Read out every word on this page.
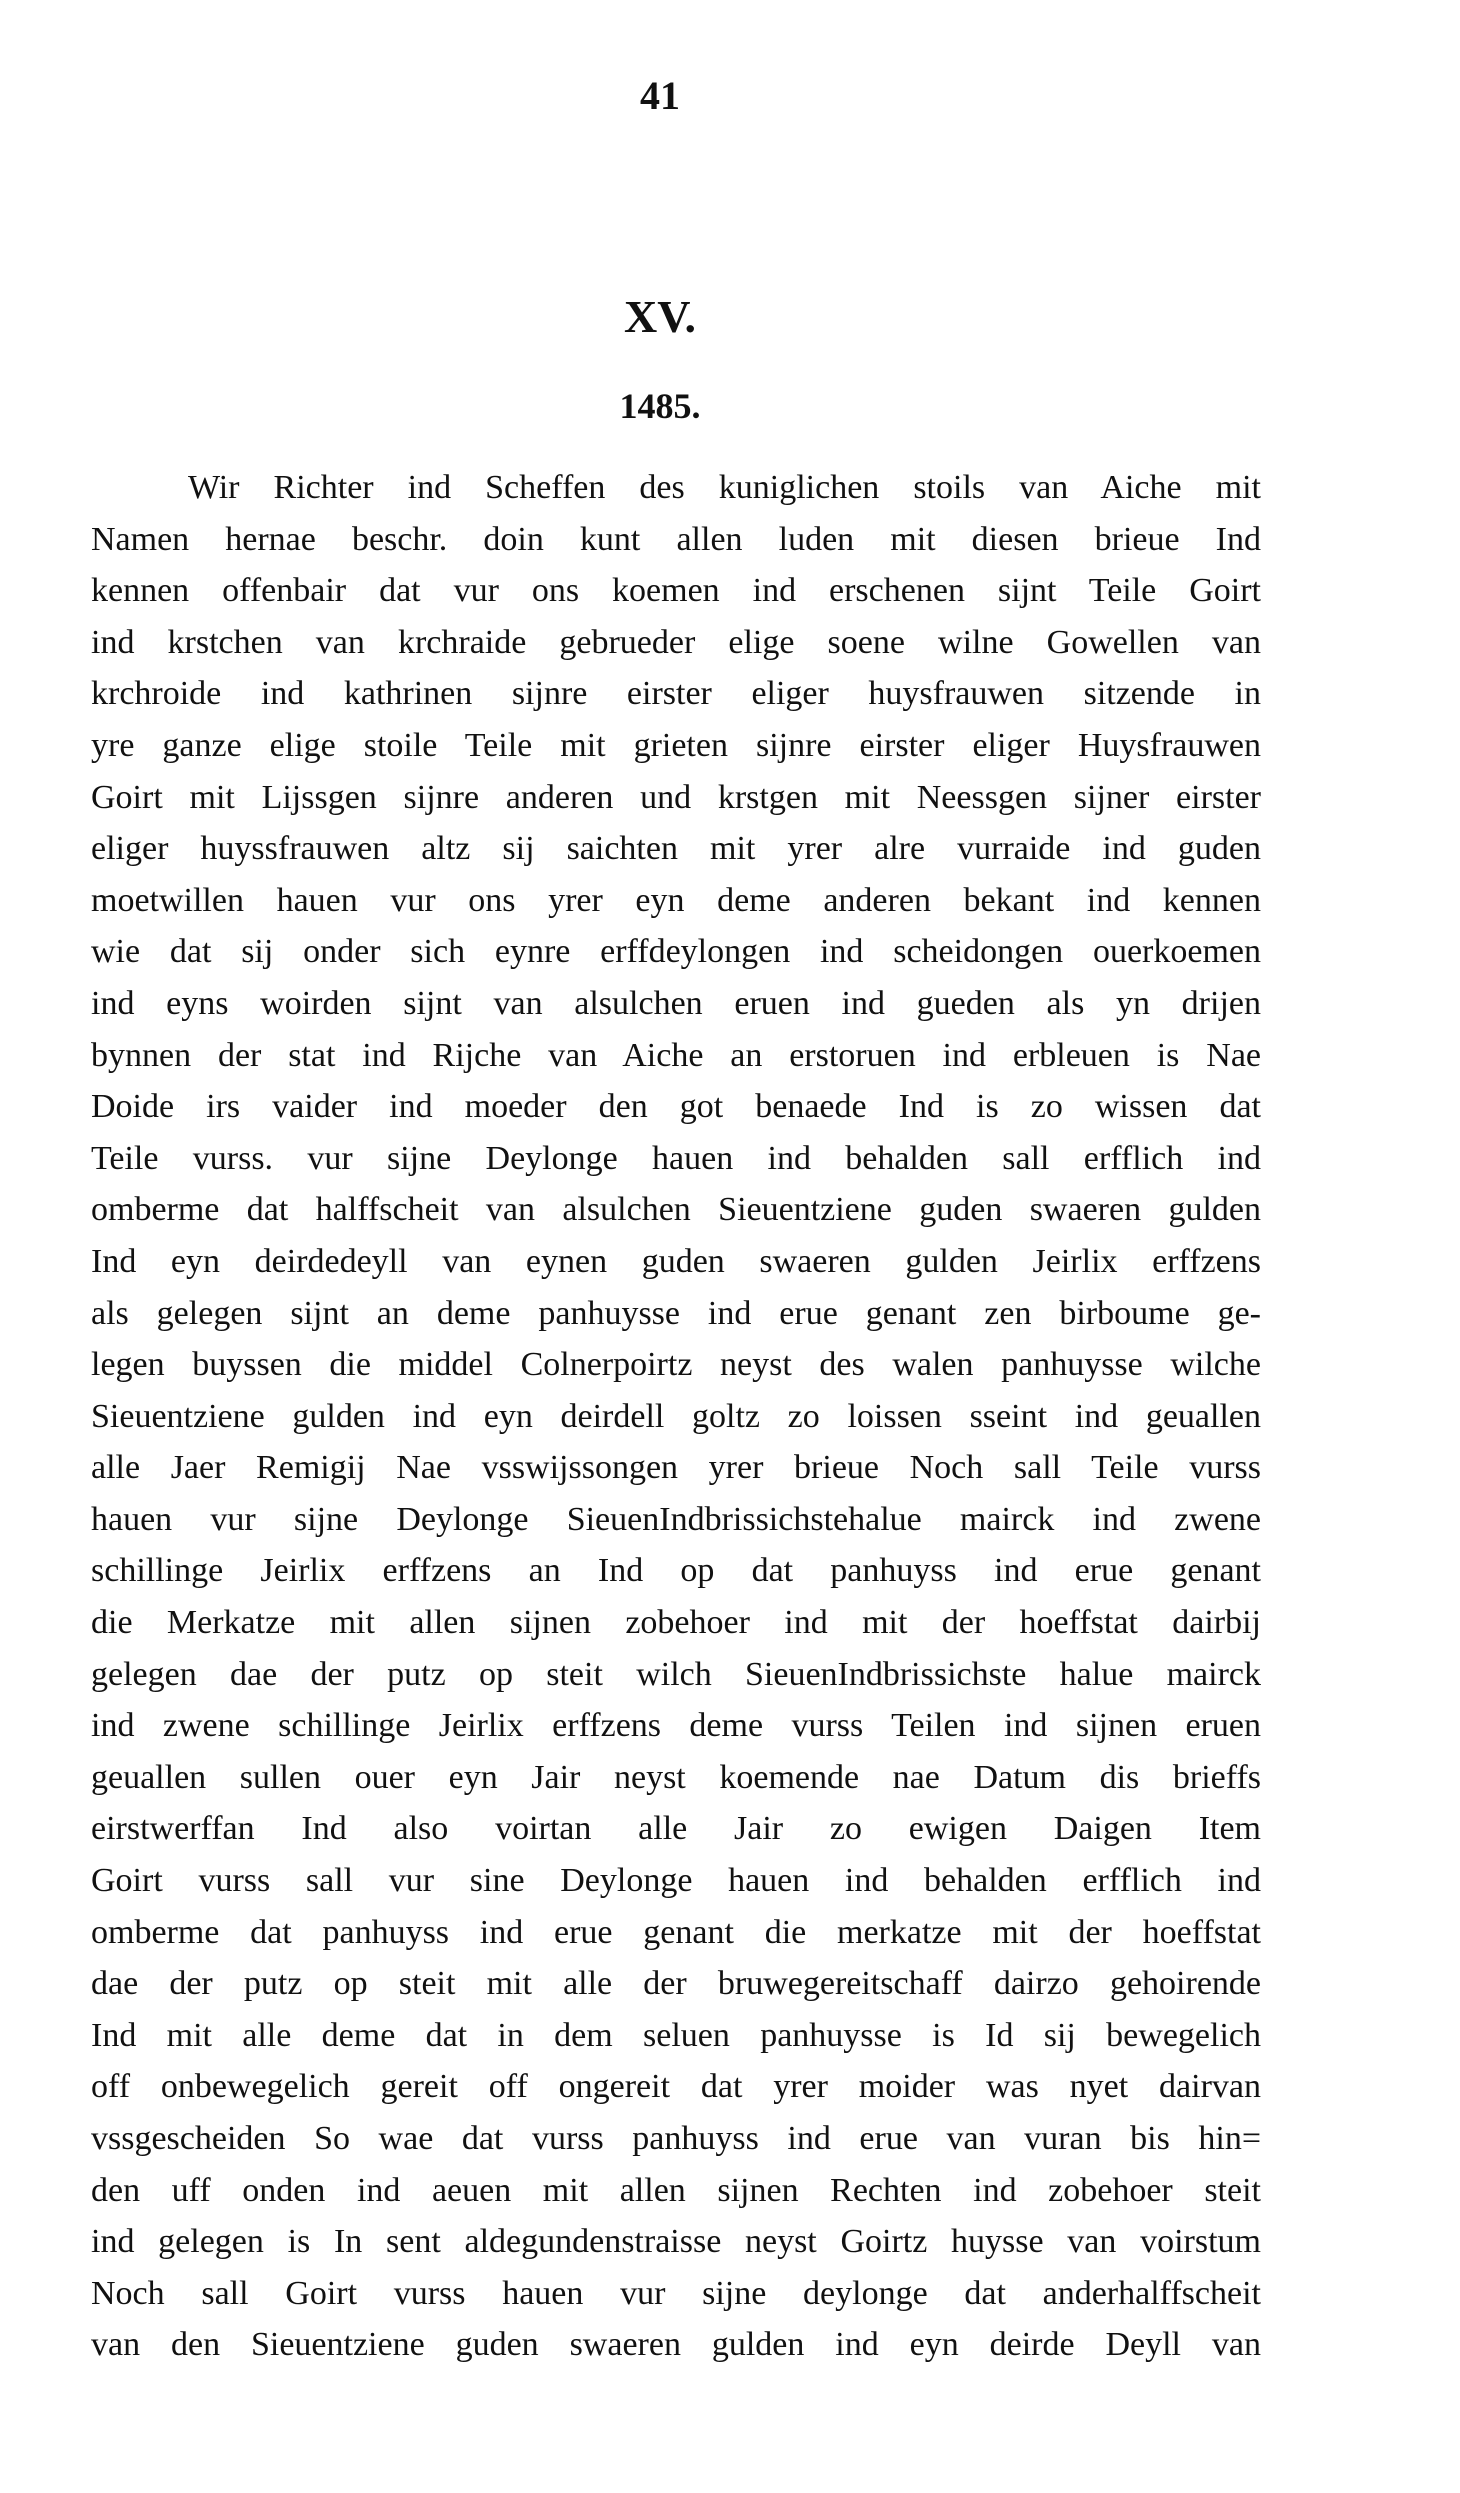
41
XV.
1485.
Wir Richter ind Scheffen des kuniglichen stoils van Aiche mit
Namen hernae beschr. doin kunt allen luden mit diesen brieue Ind
kennen offenbair dat vur ons koemen ind erschenen sijnt Teile Goirt
ind krstchen van krchraide gebrueder elige soene wilne Gowellen van
krchroide ind kathrinen sijnre eirster eliger huysfrauwen sitzende in
yre ganze elige stoile Teile mit grieten sijnre eirster eliger Huysfrauwen
Goirt mit Lijssgen sijnre anderen und krstgen mit Neessgen sijner eirster
eliger huyssfrauwen altz sij saichten mit yrer alre vurraide ind guden
moetwillen hauen vur ons yrer eyn deme anderen bekant ind kennen
wie dat sij onder sich eynre erffdeylongen ind scheidongen ouerkoemen
ind eyns woirden sijnt van alsulchen eruen ind gueden als yn drijen
bynnen der stat ind Rijche van Aiche an erstoruen ind erbleuen is Nae
Doide irs vaider ind moeder den got benaede Ind is zo wissen dat
Teile vurss. vur sijne Deylonge hauen ind behalden sall erfflich ind
omberme dat halffscheit van alsulchen Sieuentziene guden swaeren gulden
Ind eyn deirdedeyll van eynen guden swaeren gulden Jeirlix erffzens
als gelegen sijnt an deme panhuysse ind erue genant zen birboume ge-
legen buyssen die middel Colnerpoirtz neyst des walen panhuysse wilche
Sieuentziene gulden ind eyn deirdell goltz zo loissen sseint ind geuallen
alle Jaer Remigij Nae vsswijssongen yrer brieue Noch sall Teile vurss
hauen vur sijne Deylonge SieuenIndbrissichstehalue mairck ind zwene
schillinge Jeirlix erffzens an Ind op dat panhuyss ind erue genant
die Merkatze mit allen sijnen zobehoer ind mit der hoeffstat dairbij
gelegen dae der putz op steit wilch SieuenIndbrissichste halue mairck
ind zwene schillinge Jeirlix erffzens deme vurss Teilen ind sijnen eruen
geuallen sullen ouer eyn Jair neyst koemende nae Datum dis brieffs
eirstwerffan Ind also voirtan alle Jair zo ewigen Daigen Item
Goirt vurss sall vur sine Deylonge hauen ind behalden erfflich ind
omberme dat panhuyss ind erue genant die merkatze mit der hoeffstat
dae der putz op steit mit alle der bruwegereitschaff dairzo gehoirende
Ind mit alle deme dat in dem seluen panhuysse is Id sij bewegelich
off onbewegelich gereit off ongereit dat yrer moider was nyet dairvan
vssgescheiden So wae dat vurss panhuyss ind erue van vuran bis hin=
den uff onden ind aeuen mit allen sijnen Rechten ind zobehoer steit
ind gelegen is In sent aldegundenstraisse neyst Goirtz huysse van voirstum
Noch sall Goirt vurss hauen vur sijne deylonge dat anderhalffscheit
van den Sieuentziene guden swaeren gulden ind eyn deirde Deyll van
